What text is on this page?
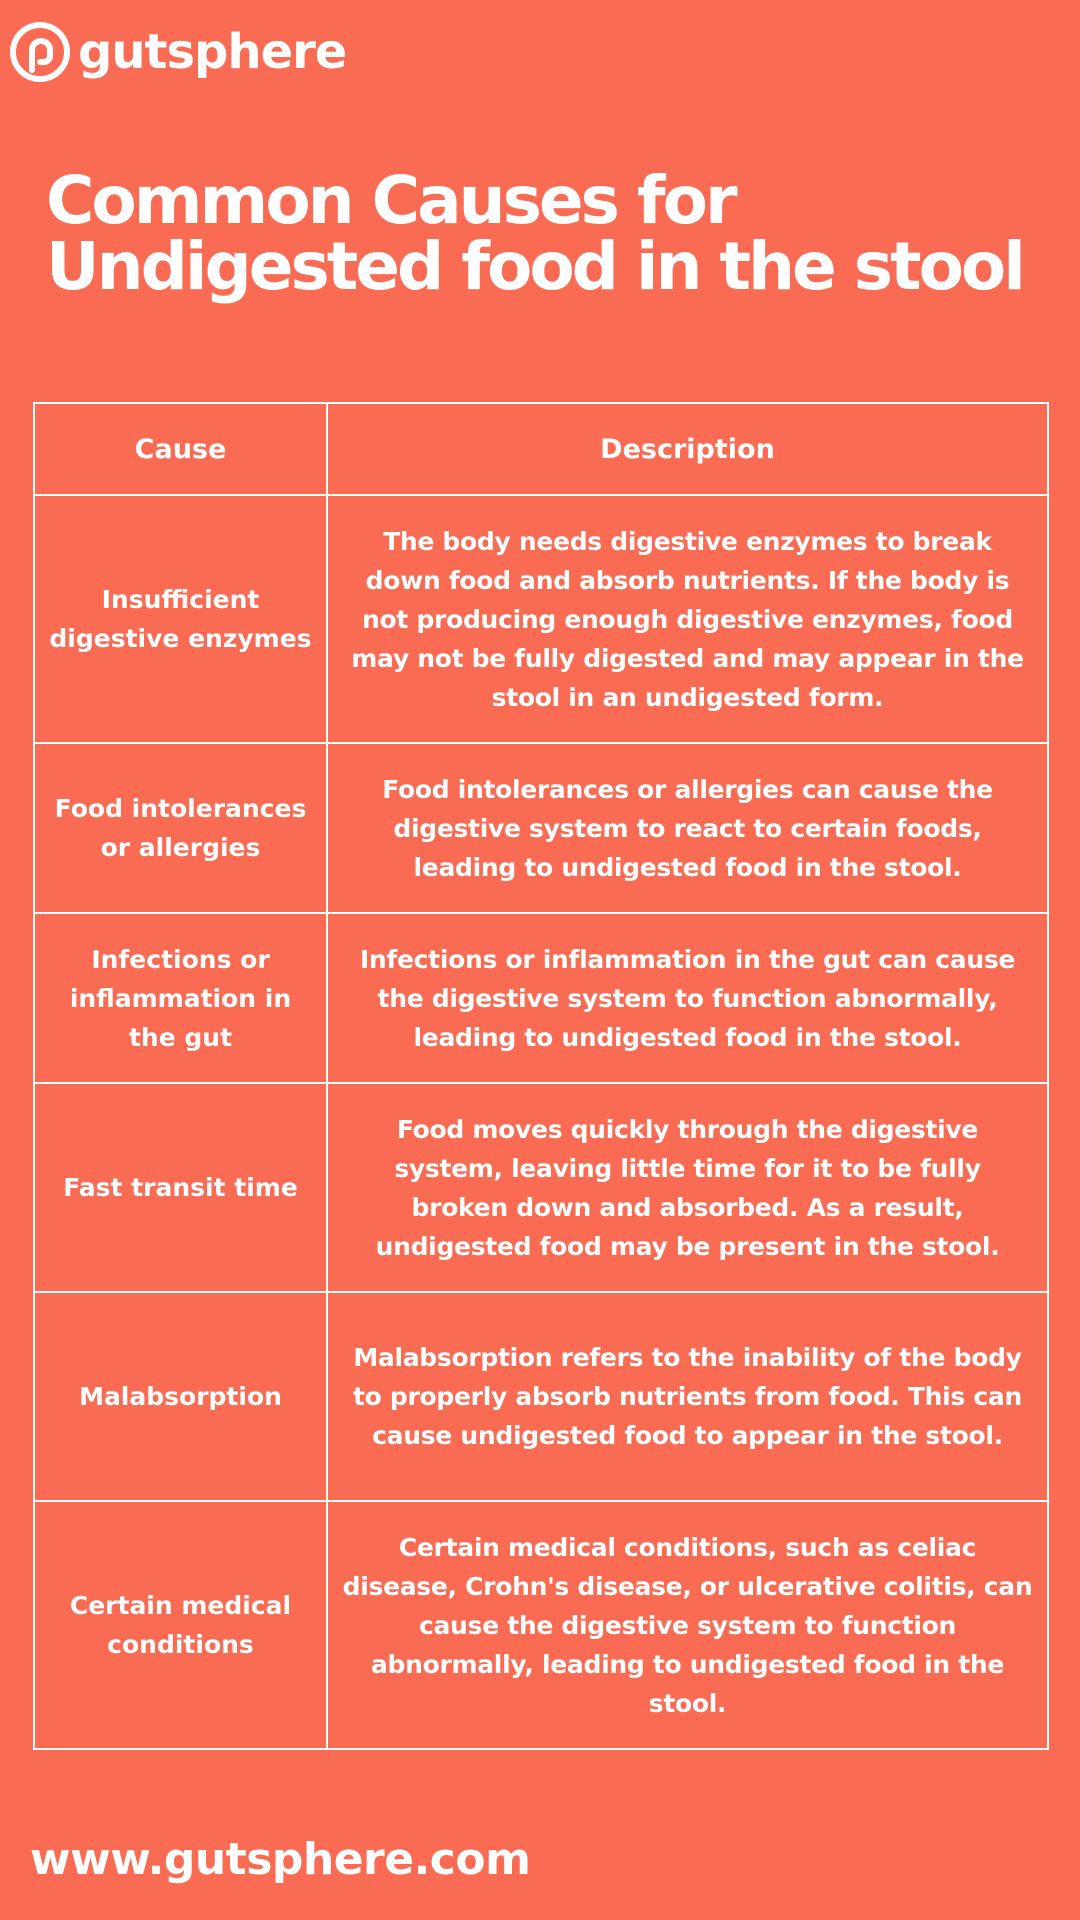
gutsphere
Common Causes for
Undigested food in the stool
Cause	Description
Insufficient digestive enzymes	The body needs digestive enzymes to break down food and absorb nutrients. If the body is not producing enough digestive enzymes, food may not be fully digested and may appear in the stool in an undigested form.
Food intolerances or allergies	Food intolerances or allergies can cause the digestive system to react to certain foods, leading to undigested food in the stool.
Infections or inflammation in the gut	Infections or inflammation in the gut can cause the digestive system to function abnormally, leading to undigested food in the stool.
Fast transit time	Food moves quickly through the digestive system, leaving little time for it to be fully broken down and absorbed. As a result, undigested food may be present in the stool.
Malabsorption	Malabsorption refers to the inability of the body to properly absorb nutrients from food. This can cause undigested food to appear in the stool.
Certain medical conditions	Certain medical conditions, such as celiac disease, Crohn's disease, or ulcerative colitis, can cause the digestive system to function abnormally, leading to undigested food in the stool.
www.gutsphere.com
